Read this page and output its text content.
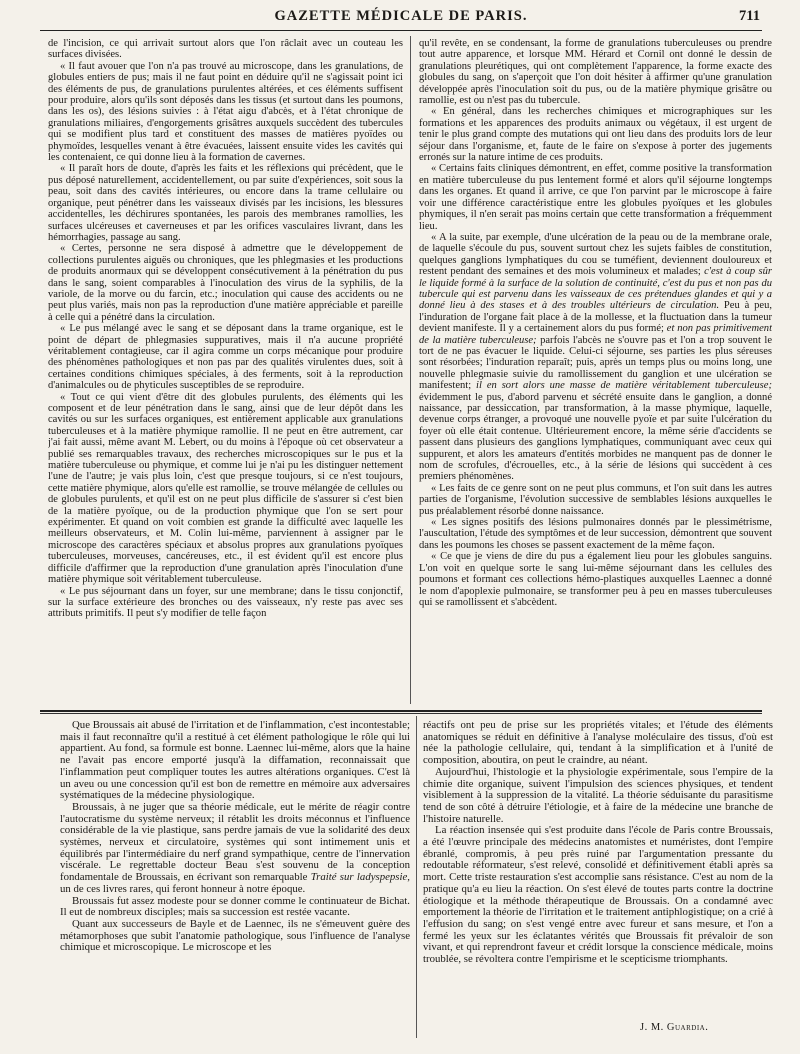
GAZETTE MÉDICALE DE PARIS.	711

de l'incision, ce qui arrivait surtout alors que l'on râclait avec un couteau les surfaces divisées.

« Il faut avouer que l'on n'a pas trouvé au microscope, dans les granulations, de globules entiers de pus; mais il ne faut point en déduire qu'il ne s'agissait point ici des éléments de pus, de granulations purulentes altérées, et ces éléments suffisent pour produire, alors qu'ils sont déposés dans les tissus (et surtout dans les poumons, dans les os), des lésions suivies : à l'état aigu d'abcès, et à l'état chronique de granulations miliaires, d'engorgements grisâtres auxquels succèdent des tubercules qui se modifient plus tard et constituent des masses de matières pyoïdes ou phymoïdes, lesquelles venant à être évacuées, laissent ensuite vides les cavités qui les contenaient, ce qui donne lieu à la formation de cavernes.

« Il paraît hors de doute, d'après les faits et les réflexions qui précèdent, que le pus déposé naturellement, accidentellement, ou par suite d'expériences, soit sous la peau, soit dans des cavités intérieures, ou encore dans la trame cellulaire ou organique, peut pénétrer dans les vaisseaux divisés par les incisions, les blessures accidentelles, les déchirures spontanées, les parois des membranes ramollies, les surfaces ulcéreuses et caverneuses et par les orifices vasculaires livrant, dans les hémorrhagies, passage au sang.

« Certes, personne ne sera disposé à admettre que le développement de collections purulentes aiguës ou chroniques, que les phlegmasies et les productions de produits anormaux qui se développent consécutivement à la pénétration du pus dans le sang, soient comparables à l'inoculation des virus de la syphilis, de la variole, de la morve ou du farcin, etc.; inoculation qui cause des accidents ou ne peut plus variés, mais non pas la reproduction d'une matière appréciable et pareille à celle qui a pénétré dans la circulation.

« Le pus mélangé avec le sang et se déposant dans la trame organique, est le point de départ de phlegmasies suppuratives, mais il n'a aucune propriété véritablement contagieuse, car il agira comme un corps mécanique pour produire des phénomènes pathologiques et non pas par des qualités virulentes dues, soit à certaines conditions chimiques spéciales, à des ferments, soit à la reproduction d'animalcules ou de phyticules susceptibles de se reproduire.

« Tout ce qui vient d'être dit des globules purulents, des éléments qui les composent et de leur pénétration dans le sang, ainsi que de leur dépôt dans les cavités ou sur les surfaces organiques, est entièrement applicable aux granulations tuberculeuses et à la matière phymique ramollie. Il ne peut en être autrement, car j'ai fait aussi, même avant M. Lebert, ou du moins à l'époque où cet observateur a publié ses remarquables travaux, des recherches microscopiques sur le pus et la matière tuberculeuse ou phymique, et comme lui je n'ai pu les distinguer nettement l'une de l'autre; je vais plus loin, c'est que presque toujours, si ce n'est toujours, cette matière phymique, alors qu'elle est ramollie, se trouve mélangée de cellules ou de globules purulents, et qu'il est on ne peut plus difficile de s'assurer si c'est bien de la matière pyoïque, ou de la production phymique que l'on se sert pour expérimenter. Et quand on voit combien est grande la difficulté avec laquelle les meilleurs observateurs, et M. Colin lui-même, parviennent à assigner par le microscope des caractères spéciaux et absolus propres aux granulations pyoïques tuberculeuses, morveuses, cancéreuses, etc., il est évident qu'il est encore plus difficile d'affirmer que la reproduction d'une granulation après l'inoculation d'une matière phymique soit véritablement tuberculeuse.

« Le pus séjournant dans un foyer, sur une membrane; dans le tissu conjonctif, sur la surface extérieure des bronches ou des vaisseaux, n'y reste pas avec ses attributs primitifs. Il peut s'y modifier de telle façon

qu'il revête, en se condensant, la forme de granulations tuberculeuses ou prendre tout autre apparence, et lorsque MM. Hérard et Cornil ont donné le dessin de granulations pleurétiques, qui ont complètement l'apparence, la forme exacte des globules du sang, on s'aperçoit que l'on doit hésiter à affirmer qu'une granulation développée après l'inoculation soit du pus, ou de la matière phymique grisâtre ou ramollie, est ou n'est pas du tubercule.

« En général, dans les recherches chimiques et micrographiques sur les formations et les apparences des produits animaux ou végétaux, il est urgent de tenir le plus grand compte des mutations qui ont lieu dans des produits lors de leur séjour dans l'organisme, et, faute de le faire on s'expose à porter des jugements erronés sur la nature intime de ces produits.

« Certains faits cliniques démontrent, en effet, comme positive la transformation en matière tuberculeuse du pus lentement formé et alors qu'il séjourne longtemps dans les organes. Et quand il arrive, ce que l'on parvint par le microscope à faire voir une différence caractéristique entre les globules pyoïques et les globules phymiques, il n'en serait pas moins certain que cette transformation a fréquemment lieu.

« A la suite, par exemple, d'une ulcération de la peau ou de la membrane orale, de laquelle s'écoule du pus, souvent surtout chez les sujets faibles de constitution, quelques ganglions lymphatiques du cou se tuméfient, deviennent douloureux et restent pendant des semaines et des mois volumineux et malades; c'est à coup sûr le liquide formé à la surface de la solution de continuité, c'est du pus et non pas du tubercule qui est parvenu dans les vaisseaux de ces prétendues glandes et qui y a donné lieu à des stases et à des troubles ultérieurs de circulation. Peu à peu, l'induration de l'organe fait place à de la mollesse, et la fluctuation dans la tumeur devient manifeste. Il y a certainement alors du pus formé; et non pas primitivement de la matière tuberculeuse; parfois l'abcès ne s'ouvre pas et l'on a trop souvent le tort de ne pas évacuer le liquide. Celui-ci séjourne, ses parties les plus séreuses sont résorbées; l'induration reparaît; puis, après un temps plus ou moins long, une nouvelle phlegmasie suivie du ramollissement du ganglion et une ulcération se manifestent; il en sort alors une masse de matière véritablement tuberculeuse; évidemment le pus, d'abord parvenu et sécrété ensuite dans le ganglion, a donné naissance, par dessiccation, par transformation, à la masse phymique, laquelle, devenue corps étranger, a provoqué une nouvelle pyoïe et par suite l'ulcération du foyer où elle était contenue. Ultérieurement encore, la même série d'accidents se passent dans plusieurs des ganglions lymphatiques, communiquant avec ceux qui suppurent, et alors les amateurs d'entités morbides ne manquent pas de donner le nom de scrofules, d'écrouelles, etc., à la série de lésions qui succèdent à ces premiers phénomènes.

« Les faits de ce genre sont on ne peut plus communs, et l'on suit dans les autres parties de l'organisme, l'évolution successive de semblables lésions auxquelles le pus préalablement résorbé donne naissance.

« Les signes positifs des lésions pulmonaires donnés par le plessimétrisme, l'auscultation, l'étude des symptômes et de leur succession, démontrent que souvent dans les poumons les choses se passent exactement de la même façon.

« Ce que je viens de dire du pus a également lieu pour les globules sanguins. L'on voit en quelque sorte le sang lui-même séjournant dans les cellules des poumons et formant ces collections hémo-plastiques auxquelles Laennec a donné le nom d'apoplexie pulmonaire, se transformer peu à peu en masses tuberculeuses qui se ramollissent et s'abcèdent.

Que Broussais ait abusé de l'irritation et de l'inflammation, c'est incontestable; mais il faut reconnaître qu'il a restitué à cet élément pathologique le rôle qui lui appartient. Au fond, sa formule est bonne. Laennec lui-même, alors que la haine ne l'avait pas encore emporté jusqu'à la diffamation, reconnaissait que l'inflammation peut compliquer toutes les autres altérations organiques. C'est là un aveu ou une concession qu'il est bon de remettre en mémoire aux adversaires systématiques de la médecine physiologique.

Broussais, à ne juger que sa théorie médicale, eut le mérite de réagir contre l'autocratisme du système nerveux; il rétablit les droits méconnus et l'influence considérable de la vie plastique, sans perdre jamais de vue la solidarité des deux systèmes, nerveux et circulatoire, systèmes qui sont intimement unis et équilibrés par l'intermédiaire du nerf grand sympathique, centre de l'innervation viscérale. Le regrettable docteur Beau s'est souvenu de la conception fondamentale de Broussais, en écrivant son remarquable Traité sur ladyspepsie, un de ces livres rares, qui feront honneur à notre époque.

Broussais fut assez modeste pour se donner comme le continuateur de Bichat. Il eut de nombreux disciples; mais sa succession est restée vacante.

Quant aux successeurs de Bayle et de Laennec, ils ne s'émeuvent guère des métamorphoses que subit l'anatomie pathologique, sous l'influence de l'analyse chimique et microscopique. Le microscope et les

réactifs ont peu de prise sur les propriétés vitales; et l'étude des éléments anatomiques se réduit en définitive à l'analyse moléculaire des tissus, d'où est née la pathologie cellulaire, qui, tendant à la simplification et à l'unité de composition, aboutira, on peut le craindre, au néant.

Aujourd'hui, l'histologie et la physiologie expérimentale, sous l'empire de la chimie dite organique, suivent l'impulsion des sciences physiques, et tendent visiblement à la suppression de la vitalité. La théorie séduisante du parasitisme tend de son côté à détruire l'étiologie, et à faire de la médecine une branche de l'histoire naturelle.

La réaction insensée qui s'est produite dans l'école de Paris contre Broussais, a été l'œuvre principale des médecins anatomistes et numéristes, dont l'empire ébranlé, compromis, à peu près ruiné par l'argumentation pressante du redoutable réformateur, s'est relevé, consolidé et définitivement établi après sa mort. Cette triste restauration s'est accomplie sans résistance. C'est au nom de la pratique qu'a eu lieu la réaction. On s'est élevé de toutes parts contre la doctrine étiologique et la méthode thérapeutique de Broussais. On a condamné avec emportement la théorie de l'irritation et le traitement antiphlogistique; on a crié à l'effusion du sang; on s'est vengé entre avec fureur et sans mesure, et l'on a fermé les yeux sur les éclatantes vérités que Broussais fit prévaloir de son vivant, et qui reprendront faveur et crédit lorsque la conscience médicale, moins troublée, se révoltera contre l'empirisme et le scepticisme triomphants.

J. M. Guardia.
